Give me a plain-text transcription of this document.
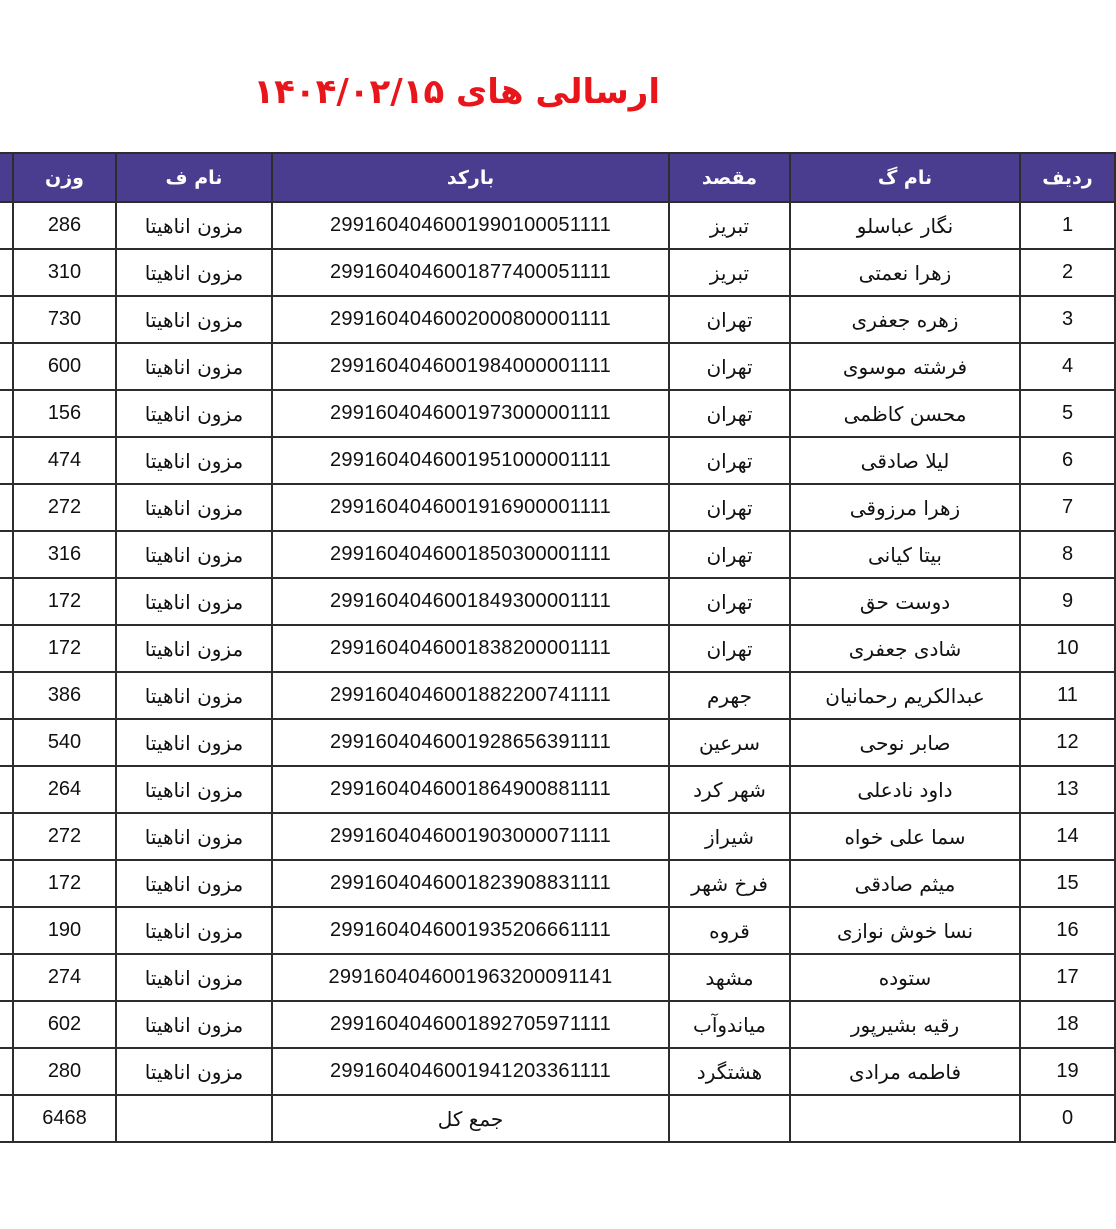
ارسالی های ۱۴۰۴/۰۲/۱۵
	وزن	نام ف	بارکد	مقصد	نام گ	ردیف
	286	مزون اناهیتا	2991604046001990100051111	تبریز	نگار عباسلو	1
	310	مزون اناهیتا	2991604046001877400051111	تبریز	زهرا نعمتی	2
	730	مزون اناهیتا	2991604046002000800001111	تهران	زهره جعفری	3
	600	مزون اناهیتا	2991604046001984000001111	تهران	فرشته موسوی	4
	156	مزون اناهیتا	2991604046001973000001111	تهران	محسن کاظمی	5
	474	مزون اناهیتا	2991604046001951000001111	تهران	لیلا صادقی	6
	272	مزون اناهیتا	2991604046001916900001111	تهران	زهرا مرزوقی	7
	316	مزون اناهیتا	2991604046001850300001111	تهران	بیتا کیانی	8
	172	مزون اناهیتا	2991604046001849300001111	تهران	دوست حق	9
	172	مزون اناهیتا	2991604046001838200001111	تهران	شادی جعفری	10
	386	مزون اناهیتا	2991604046001882200741111	جهرم	عبدالکریم رحمانیان	11
	540	مزون اناهیتا	2991604046001928656391111	سرعین	صابر نوحی	12
	264	مزون اناهیتا	2991604046001864900881111	شهر کرد	داود نادعلی	13
	272	مزون اناهیتا	2991604046001903000071111	شیراز	سما علی خواه	14
	172	مزون اناهیتا	2991604046001823908831111	فرخ شهر	میثم صادقی	15
	190	مزون اناهیتا	2991604046001935206661111	قروه	نسا خوش نوازی	16
	274	مزون اناهیتا	2991604046001963200091141	مشهد	ستوده	17
	602	مزون اناهیتا	2991604046001892705971111	میاندوآب	رقیه بشیرپور	18
	280	مزون اناهیتا	2991604046001941203361111	هشتگرد	فاطمه مرادی	19
	6468		جمع کل			0
